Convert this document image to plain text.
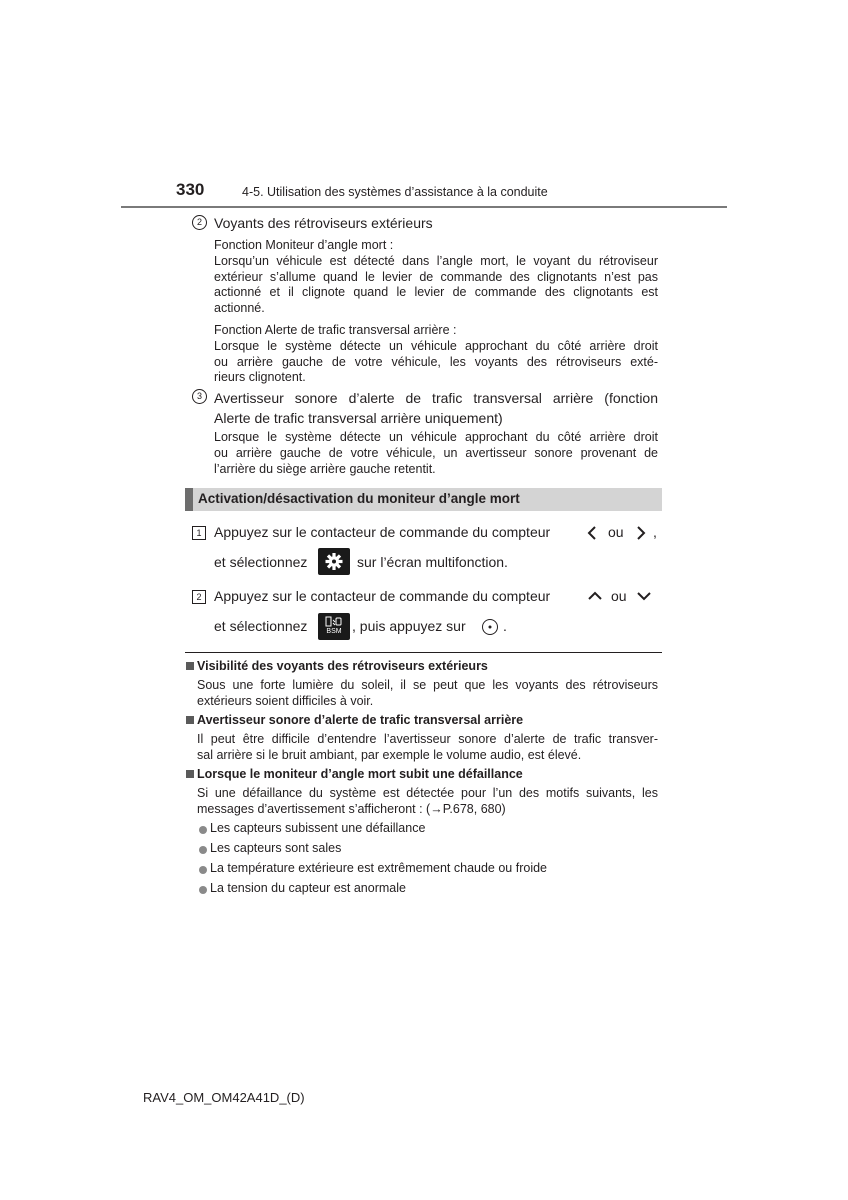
330	4-5. Utilisation des systèmes d’assistance à la conduite
2 Voyants des rétroviseurs extérieurs
Fonction Moniteur d’angle mort :
Lorsqu’un véhicule est détecté dans l’angle mort, le voyant du rétroviseur
extérieur s’allume quand le levier de commande des clignotants n’est pas
actionné et il clignote quand le levier de commande des clignotants est
actionné.
Fonction Alerte de trafic transversal arrière :
Lorsque le système détecte un véhicule approchant du côté arrière droit
ou arrière gauche de votre véhicule, les voyants des rétroviseurs exté-
rieurs clignotent.
3 Avertisseur sonore d’alerte de trafic transversal arrière (fonction
Alerte de trafic transversal arrière uniquement)
Lorsque le système détecte un véhicule approchant du côté arrière droit
ou arrière gauche de votre véhicule, un avertisseur sonore provenant de
l’arrière du siège arrière gauche retentit.
Activation/désactivation du moniteur d’angle mort
1 Appuyez sur le contacteur de commande du compteur	ou ,
et sélectionnez	sur l’écran multifonction.
2 Appuyez sur le contacteur de commande du compteur	ou
et sélectionnez	BSM , puis appuyez sur	.
Visibilité des voyants des rétroviseurs extérieurs
Sous une forte lumière du soleil, il se peut que les voyants des rétroviseurs
extérieurs soient difficiles à voir.
Avertisseur sonore d’alerte de trafic transversal arrière
Il peut être difficile d’entendre l’avertisseur sonore d’alerte de trafic transver-
sal arrière si le bruit ambiant, par exemple le volume audio, est élevé.
Lorsque le moniteur d’angle mort subit une défaillance
Si une défaillance du système est détectée pour l’un des motifs suivants, les
messages d’avertissement s’afficheront : (→P.678, 680)
Les capteurs subissent une défaillance
Les capteurs sont sales
La température extérieure est extrêmement chaude ou froide
La tension du capteur est anormale
RAV4_OM_OM42A41D_(D)
